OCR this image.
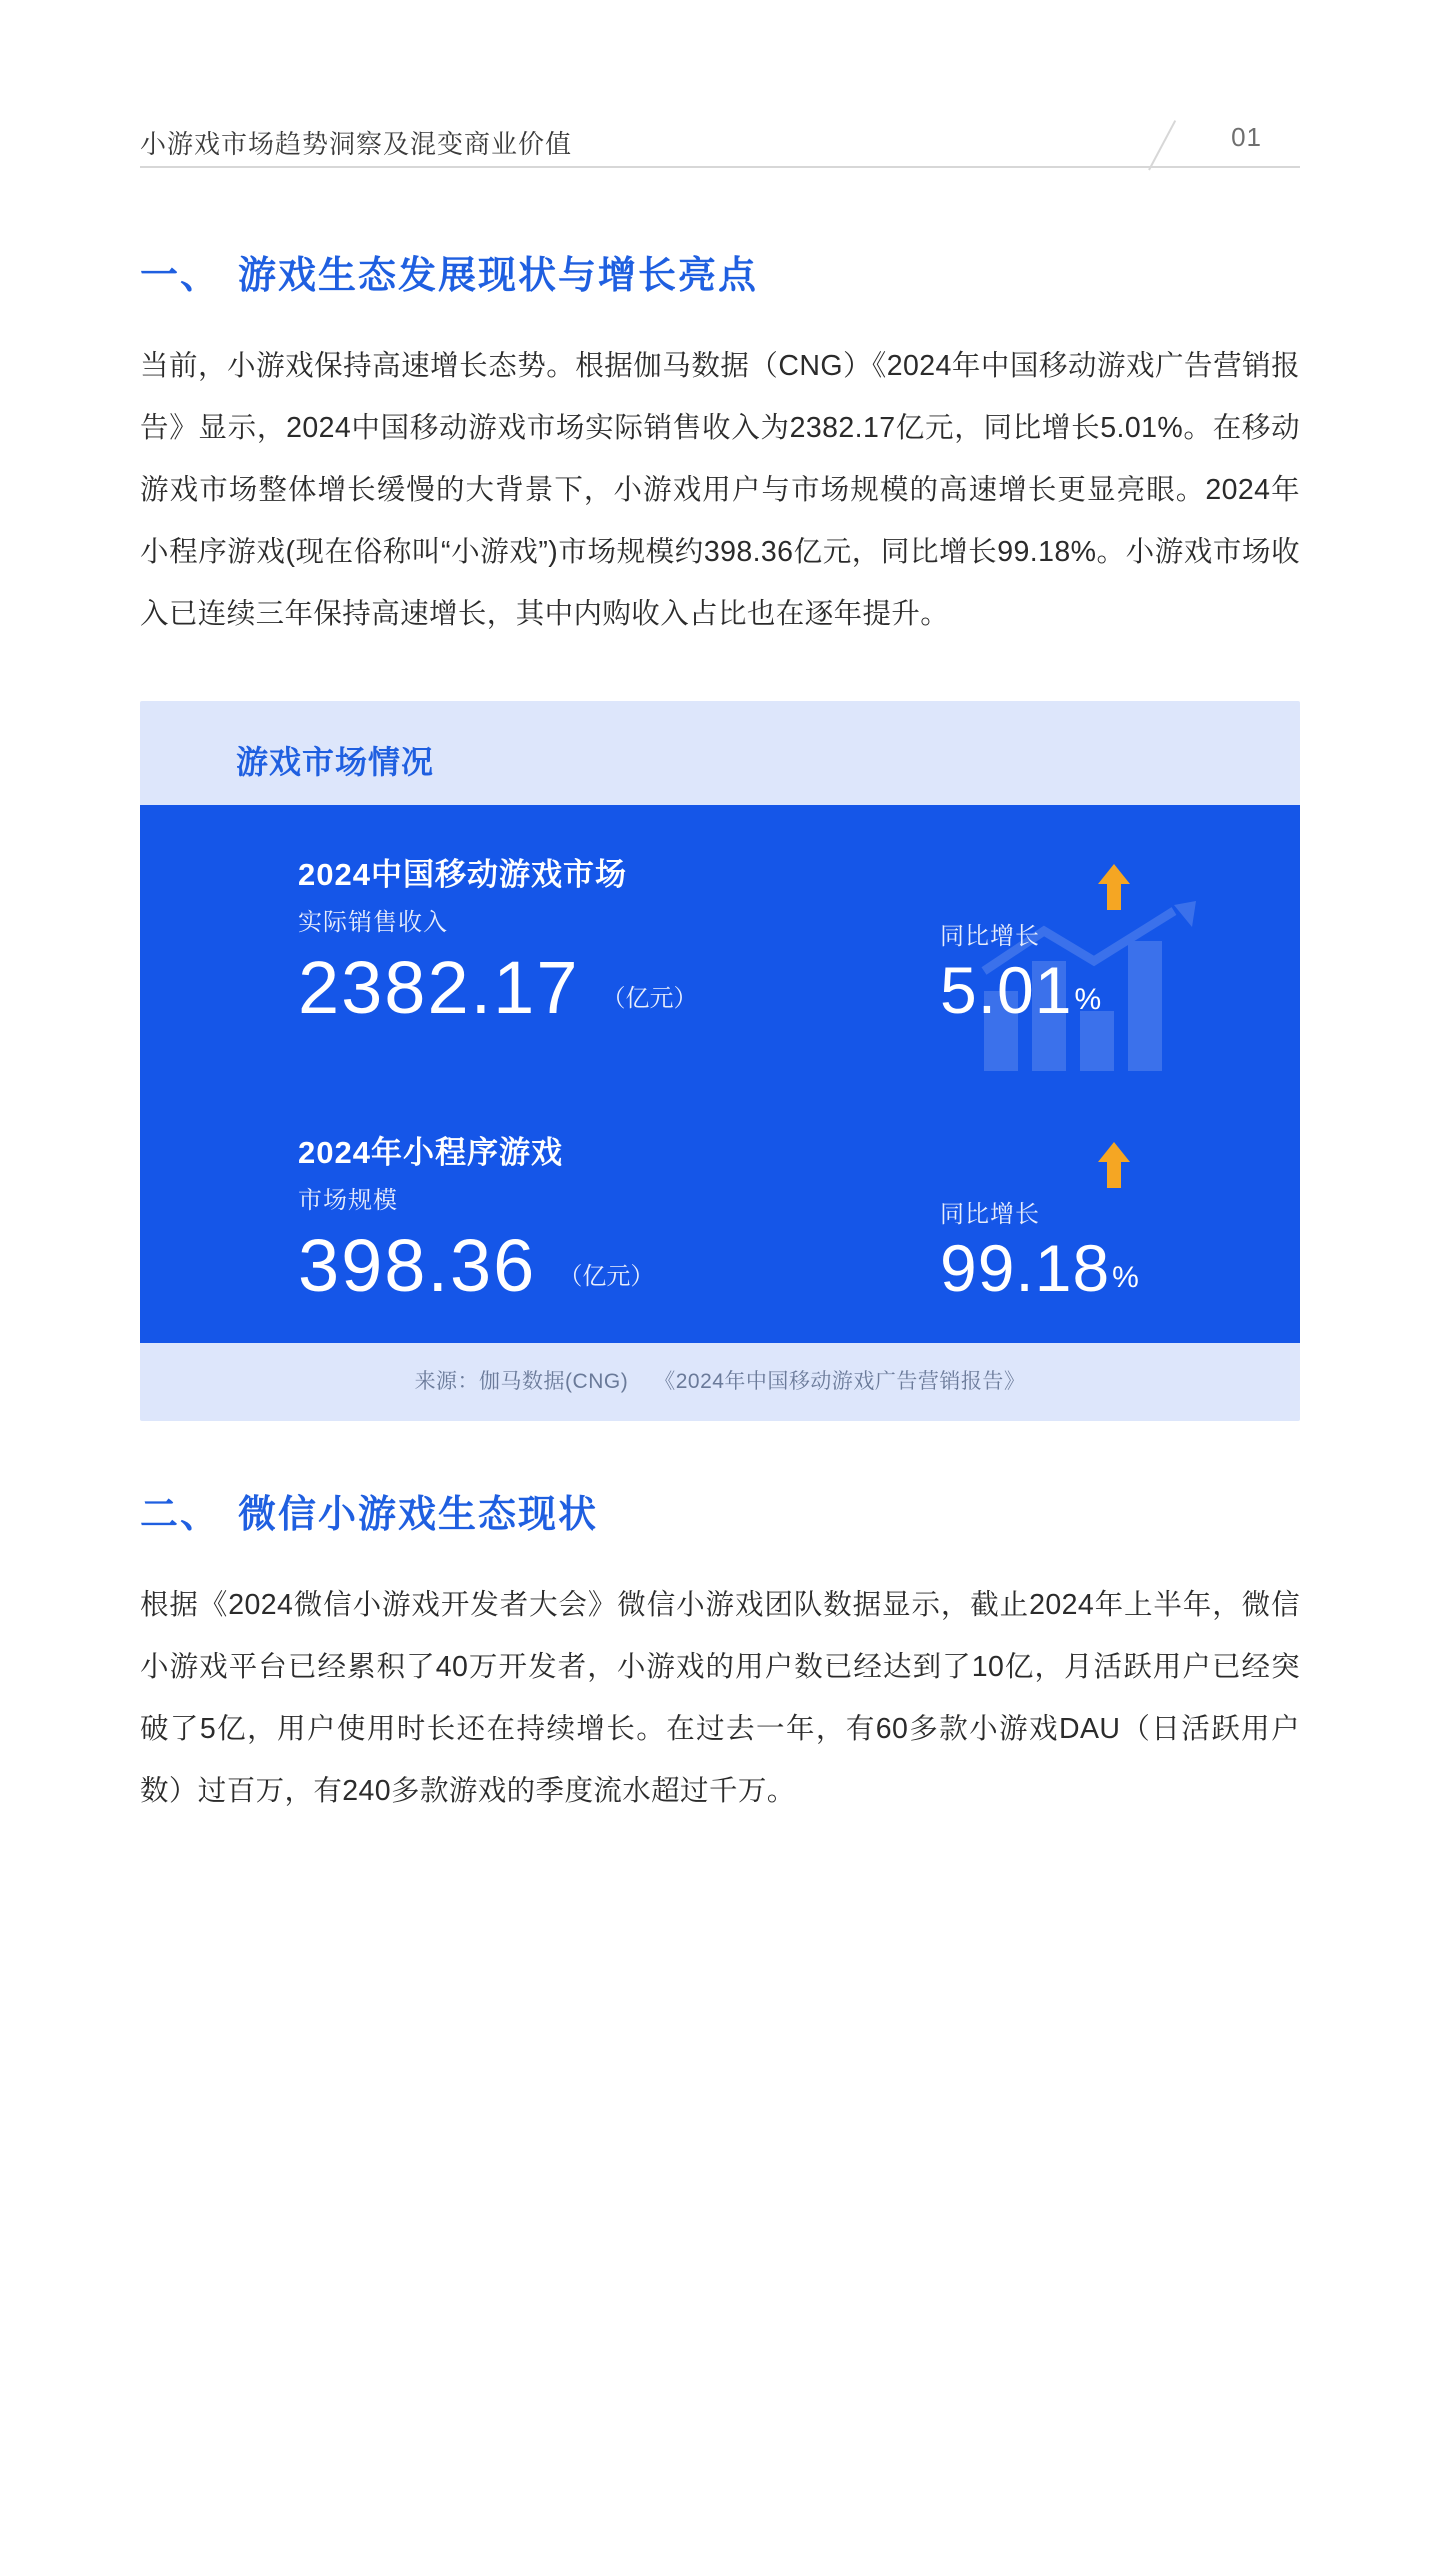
小游戏市场趋势洞察及混变商业价值	01
一、 游戏生态发展现状与增长亮点
当前，小游戏保持高速增长态势。根据伽马数据（CNG）《2024年中国移动游戏广告营销报告》显示，2024中国移动游戏市场实际销售收入为2382.17亿元，同比增长5.01%。在移动游戏市场整体增长缓慢的大背景下，小游戏用户与市场规模的高速增长更显亮眼。2024年小程序游戏(现在俗称叫“小游戏”)市场规模约398.36亿元，同比增长99.18%。小游戏市场收入已连续三年保持高速增长，其中内购收入占比也在逐年提升。
游戏市场情况
2024中国移动游戏市场
实际销售收入
2382.17 （亿元）
同比增长
5.01 %
2024年小程序游戏
市场规模
398.36 （亿元）
同比增长
99.18 %
来源：伽马数据(CNG) 《2024年中国移动游戏广告营销报告》
二、 微信小游戏生态现状
根据《2024微信小游戏开发者大会》微信小游戏团队数据显示，截止2024年上半年，微信小游戏平台已经累积了40万开发者，小游戏的用户数已经达到了10亿，月活跃用户已经突破了5亿，用户使用时长还在持续增长。在过去一年，有60多款小游戏DAU（日活跃用户数）过百万，有240多款游戏的季度流水超过千万。
